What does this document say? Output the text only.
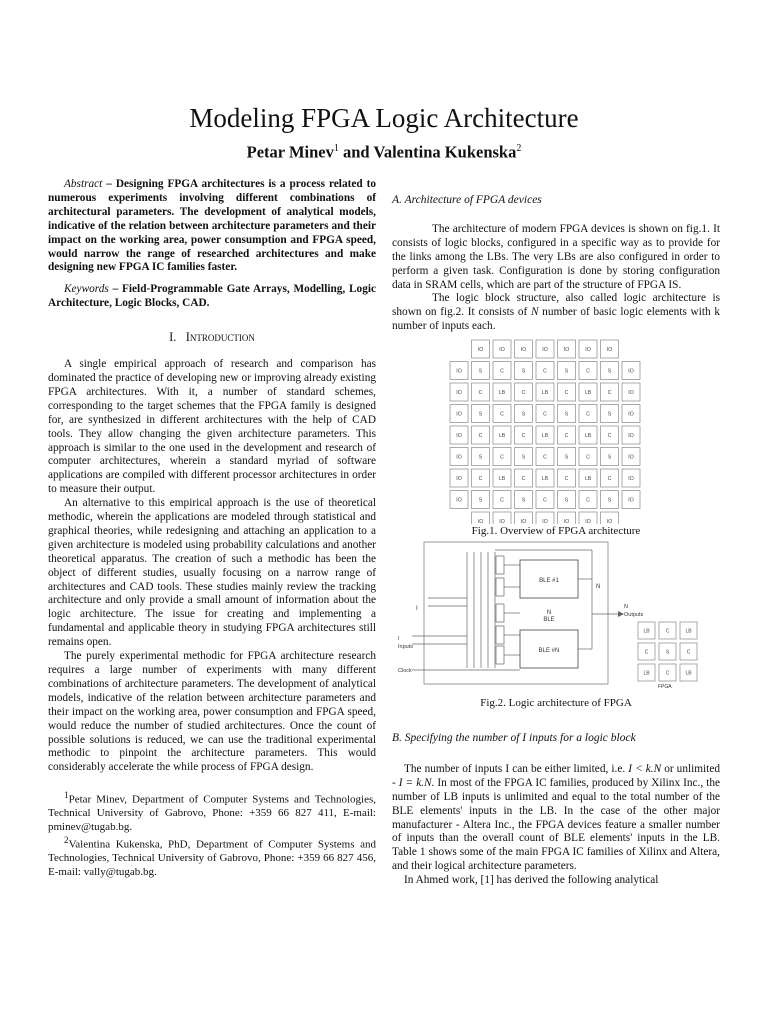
Modeling FPGA Logic Architecture
Petar Minev$^1$ and Valentina Kukenska$^2$

Abstract – Designing FPGA architectures is a process related to numerous experiments involving different combinations of architectural parameters. The development of analytical models, indicative of the relation between architecture parameters and their impact on the working area, power consumption and FPGA speed, would narrow the range of researched architectures and make designing new FPGA IC families faster.

Keywords – Field-Programmable Gate Arrays, Modelling, Logic Architecture, Logic Blocks, CAD.

I. Introduction

A single empirical approach of research and comparison has dominated the practice of developing new or improving already existing FPGA architectures. With it, a number of standard schemes, corresponding to the target schemes that the FPGA family is designed for, are synthesized in different architectures with the help of CAD tools. They allow changing the given architecture parameters. This approach is similar to the one used in the development and research of computer architectures, wherein a standard myriad of software applications are compiled with different processor architectures in order to measure their output.

An alternative to this empirical approach is the use of theoretical methodic, wherein the applications are modeled through statistical and graphical theories, while redesigning and attaching an application to a given architecture is modeled using probability calculations and another theoretical apparatus. The creation of such a methodic has been the object of different studies, usually focusing on a narrow range of architectures and CAD tools. These studies mainly review the tracking architecture and only provide a small amount of information about the logic architecture. The issue for creating and implementing a fundamental and applicable theory in studying FPGA architectures still remains open.

The purely experimental methodic for FPGA architecture research requires a large number of experiments with many different combinations of architecture parameters. The development of analytical models, indicative of the relation between architecture parameters and their impact on the working area, power consumption and FPGA speed, would reduce the number of studied architectures. Once the count of possible solutions is reduced, we can use the traditional experimental methodic to pinpoint the architecture parameters. This would considerably accelerate the while process of FPGA design.

$^1$Petar Minev, Department of Computer Systems and Technologies, Technical University of Gabrovo, Phone: +359 66 827 411, E-mail: pminev@tugab.bg.

$^2$Valentina Kukenska, PhD, Department of Computer Systems and Technologies, Technical University of Gabrovo, Phone: +359 66 827 456, E-mail: vally@tugab.bg.

A. Architecture of FPGA devices

The architecture of modern FPGA devices is shown on fig.1. It consists of logic blocks, configured in a specific way as to provide for the links among the LBs. The very LBs are also configured in order to perform a given task. Configuration is done by storing configuration data in SRAM cells, which are part of the structure of FPGA IS.

The logic block structure, also called logic architecture is shown on fig.2. It consists of N number of basic logic elements with k number of inputs each.

IO	IO	IO	IO	IO	IO	IO
IO	S	C	S	C	S	C	S	IO
IO	C	LB	C	LB	C	LB	C	IO
IO	S	C	S	C	S	C	S	IO
IO	C	LB	C	LB	C	LB	C	IO
IO	S	C	S	C	S	C	S	IO
IO	C	LB	C	LB	C	LB	C	IO
IO	S	C	S	C	S	C	S	IO
IO	IO	IO	IO	IO	IO	IO

Fig.1. Overview of FPGA architecture

BLE #1
N
BLE
BLE #N
N
I	N
Outputs
I
Inputs
Clock
LB	C	LB
C	S	C
LB	C	LB
FPGA

Fig.2. Logic architecture of FPGA

B. Specifying the number of I inputs for a logic block

The number of inputs I can be either limited, i.e. I < k.N or unlimited - I = k.N. In most of the FPGA IC families, produced by Xilinx Inc., the number of LB inputs is unlimited and equal to the total number of the BLE elements' inputs in the LB. In the case of the other major manufacturer - Altera Inc., the FPGA devices feature a smaller number of inputs than the overall count of BLE elements' inputs in the LB. Table 1 shows some of the main FPGA IC families of Xilinx and Altera, and their logical architecture parameters.

In Ahmed work, [1] has derived the following analytical
